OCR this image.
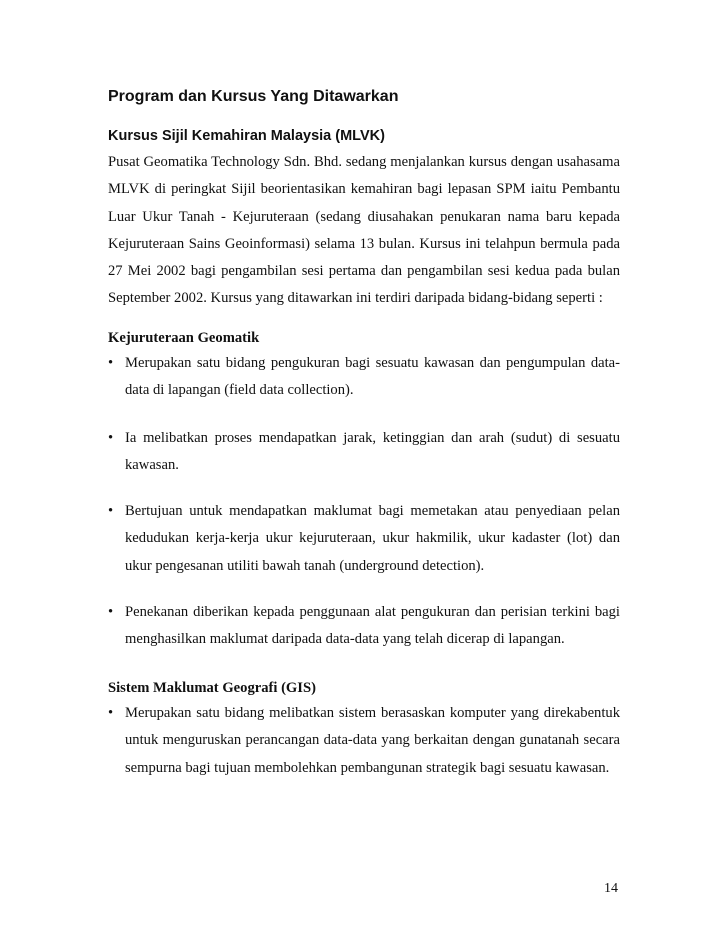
Program dan Kursus Yang Ditawarkan
Kursus Sijil Kemahiran Malaysia (MLVK)

Pusat Geomatika Technology Sdn. Bhd. sedang menjalankan kursus dengan usahasama MLVK di peringkat Sijil beorientasikan kemahiran bagi lepasan SPM iaitu Pembantu Luar Ukur Tanah - Kejuruteraan (sedang diusahakan penukaran nama baru kepada Kejuruteraan Sains Geoinformasi) selama 13 bulan. Kursus ini telahpun bermula pada 27 Mei 2002 bagi pengambilan sesi pertama dan pengambilan sesi kedua pada bulan September 2002. Kursus yang ditawarkan ini terdiri daripada bidang-bidang seperti :

Kejuruteraan Geomatik
• Merupakan satu bidang pengukuran bagi sesuatu kawasan dan pengumpulan data-data di lapangan (field data collection).
• Ia melibatkan proses mendapatkan jarak, ketinggian dan arah (sudut) di sesuatu kawasan.
• Bertujuan untuk mendapatkan maklumat bagi memetakan atau penyediaan pelan kedudukan kerja-kerja ukur kejuruteraan, ukur hakmilik, ukur kadaster (lot) dan ukur pengesanan utiliti bawah tanah (underground detection).
• Penekanan diberikan kepada penggunaan alat pengukuran dan perisian terkini bagi menghasilkan maklumat daripada data-data yang telah dicerap di lapangan.
Sistem Maklumat Geografi (GIS)
• Merupakan satu bidang melibatkan sistem berasaskan komputer yang direkabentuk untuk menguruskan perancangan data-data yang berkaitan dengan gunatanah secara sempurna bagi tujuan membolehkan pembangunan strategik bagi sesuatu kawasan.

14
